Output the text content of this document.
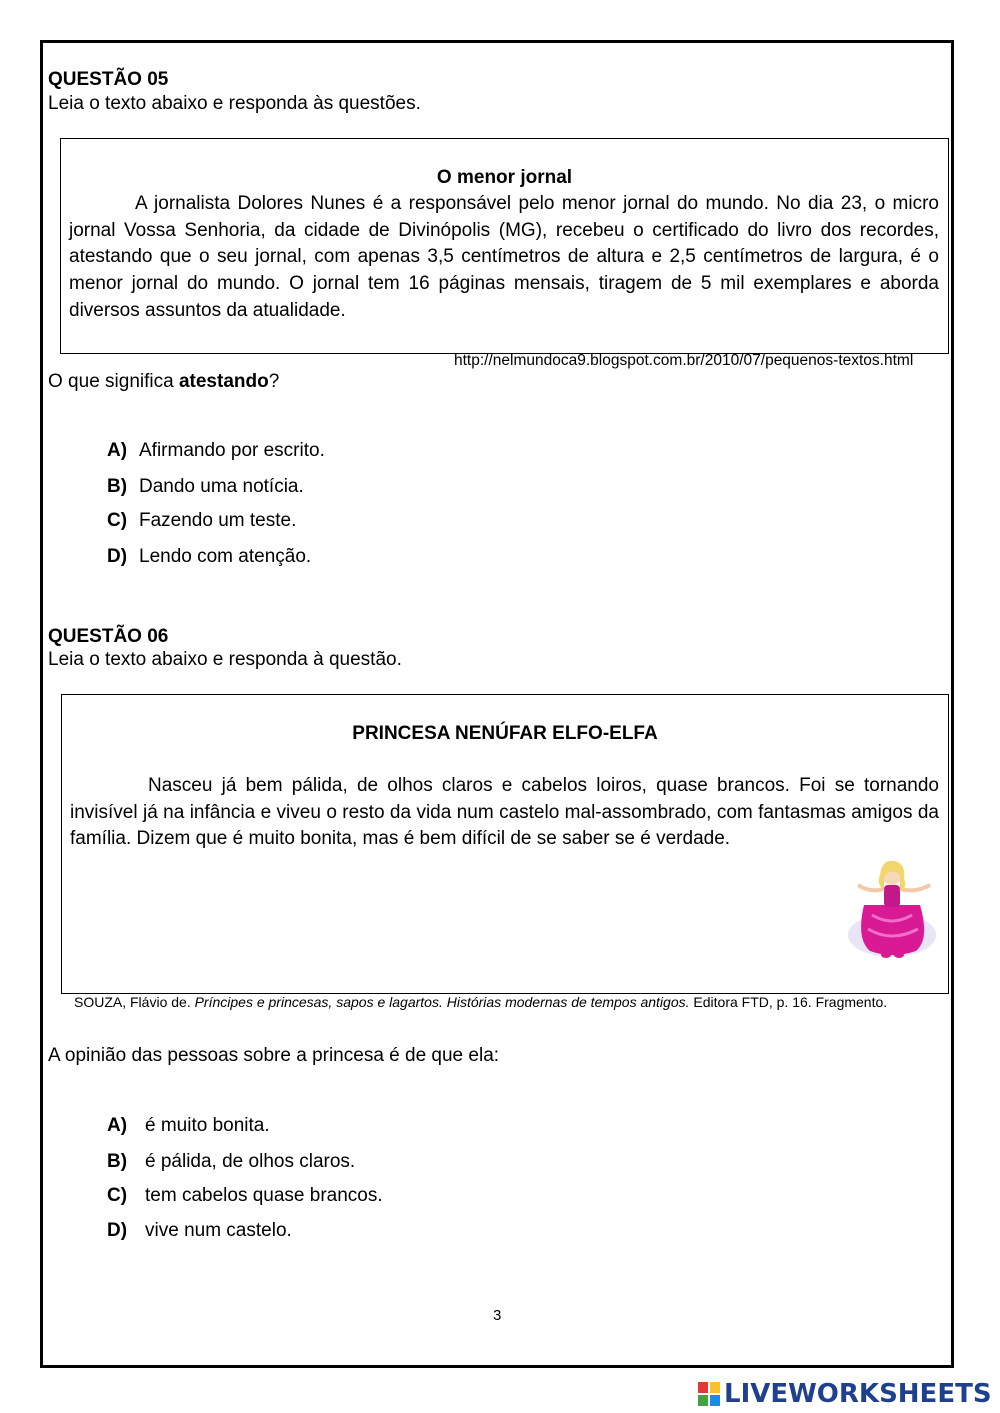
QUESTÃO 05
Leia o texto abaixo e responda às questões.
O menor jornal

A jornalista Dolores Nunes é a responsável pelo menor jornal do mundo. No dia 23, o micro jornal Vossa Senhoria, da cidade de Divinópolis (MG), recebeu o certificado do livro dos recordes, atestando que o seu jornal, com apenas 3,5 centímetros de altura e 2,5 centímetros de largura, é o menor jornal do mundo. O jornal tem 16 páginas mensais, tiragem de 5 mil exemplares e aborda diversos assuntos da atualidade.

http://nelmundoca9.blogspot.com.br/2010/07/pequenos-textos.html
O que significa atestando?
A) Afirmando por escrito.
B) Dando uma notícia.
C) Fazendo um teste.
D) Lendo com atenção.
QUESTÃO 06
Leia o texto abaixo e responda à questão.
PRINCESA NENÚFAR ELFO-ELFA

Nasceu já bem pálida, de olhos claros e cabelos loiros, quase brancos. Foi se tornando invisível já na infância e viveu o resto da vida num castelo mal-assombrado, com fantasmas amigos da família. Dizem que é muito bonita, mas é bem difícil de se saber se é verdade.

SOUZA, Flávio de. Príncipes e princesas, sapos e lagartos. Histórias modernas de tempos antigos. Editora FTD, p. 16. Fragmento.
A opinião das pessoas sobre a princesa é de que ela:
A) é muito bonita.
B) é pálida, de olhos claros.
C) tem cabelos quase brancos.
D) vive num castelo.
3
LIVEWORKSHEETS
